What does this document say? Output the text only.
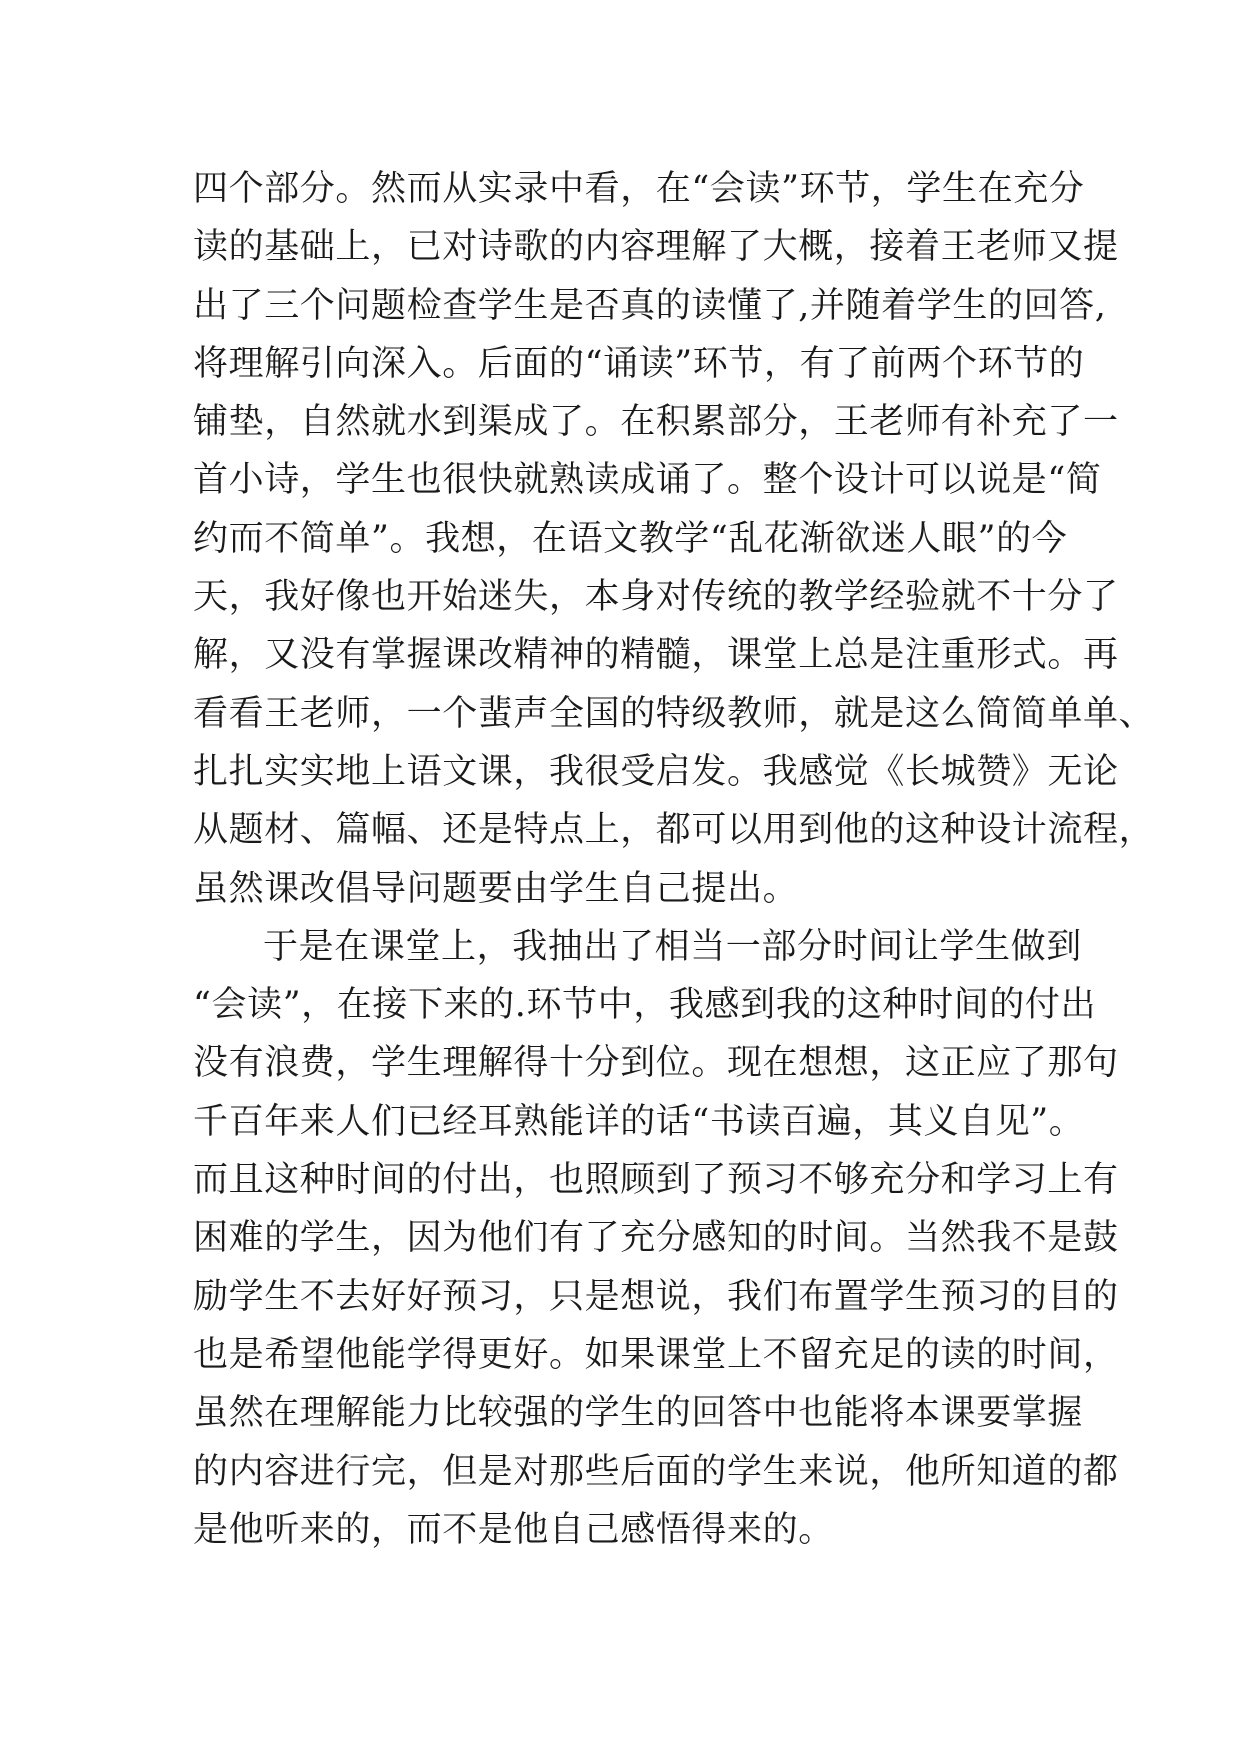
四个部分。然而从实录中看，在“会读”环节，学生在充分
读的基础上，已对诗歌的内容理解了大概，接着王老师又提
出了三个问题检查学生是否真的读懂了,并随着学生的回答,
将理解引向深入。后面的“诵读”环节，有了前两个环节的
铺垫，自然就水到渠成了。在积累部分，王老师有补充了一
首小诗，学生也很快就熟读成诵了。整个设计可以说是“简
约而不简单”。我想，在语文教学“乱花渐欲迷人眼”的今
天，我好像也开始迷失，本身对传统的教学经验就不十分了
解，又没有掌握课改精神的精髓，课堂上总是注重形式。再
看看王老师，一个蜚声全国的特级教师，就是这么简简单单、
扎扎实实地上语文课，我很受启发。我感觉《长城赞》无论
从题材、篇幅、还是特点上，都可以用到他的这种设计流程，
虽然课改倡导问题要由学生自己提出。
于是在课堂上，我抽出了相当一部分时间让学生做到
“会读”，在接下来的.环节中，我感到我的这种时间的付出
没有浪费，学生理解得十分到位。现在想想，这正应了那句
千百年来人们已经耳熟能详的话“书读百遍，其义自见”。
而且这种时间的付出，也照顾到了预习不够充分和学习上有
困难的学生，因为他们有了充分感知的时间。当然我不是鼓
励学生不去好好预习，只是想说，我们布置学生预习的目的
也是希望他能学得更好。如果课堂上不留充足的读的时间，
虽然在理解能力比较强的学生的回答中也能将本课要掌握
的内容进行完，但是对那些后面的学生来说，他所知道的都
是他听来的，而不是他自己感悟得来的。
